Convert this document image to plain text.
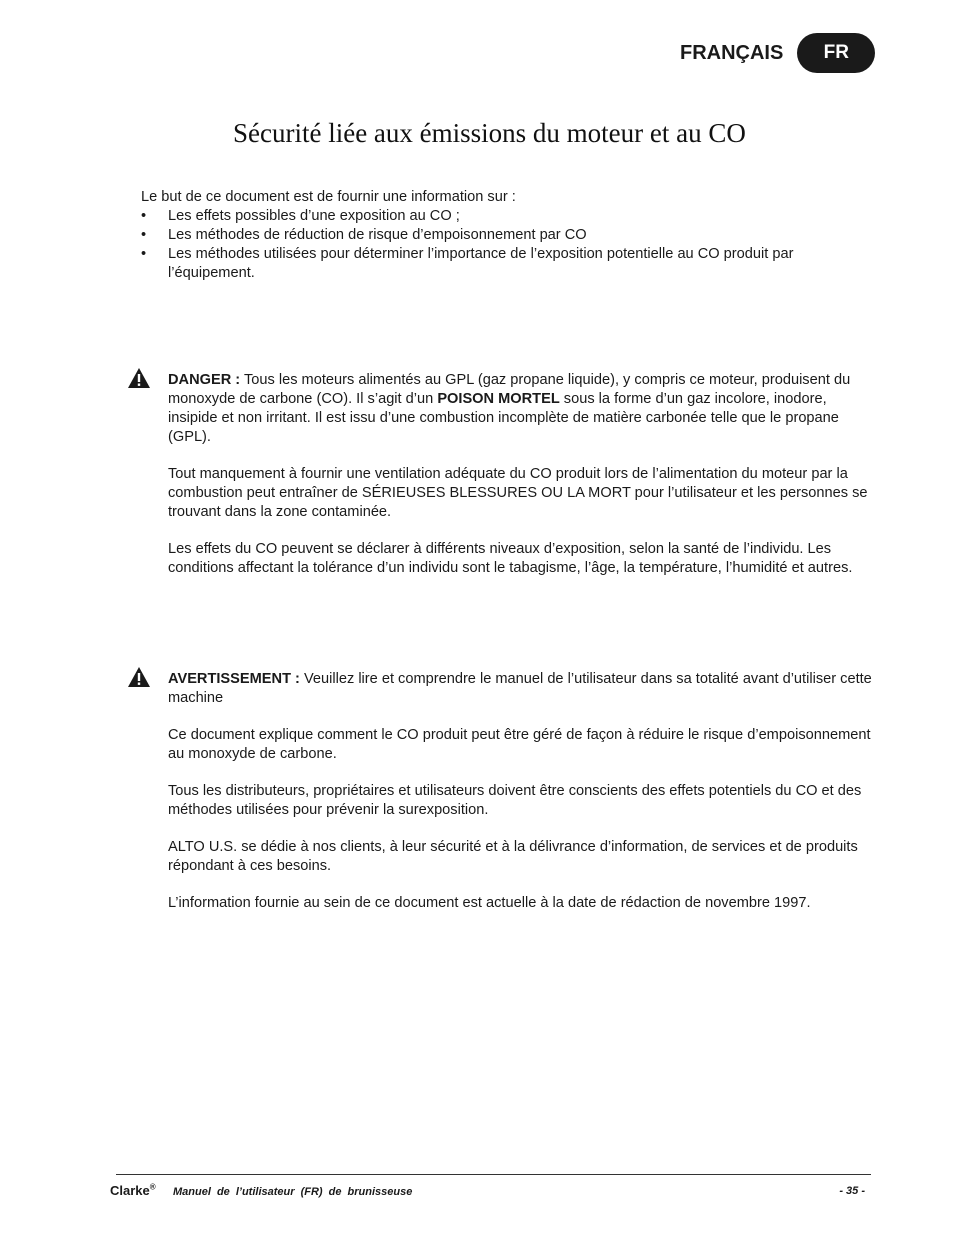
FRANÇAIS	FR
Sécurité liée aux émissions du moteur et au CO
Le but de ce document est de fournir une information sur :
• Les effets possibles d’une exposition au CO ;
• Les méthodes de réduction de risque d’empoisonnement par CO
• Les méthodes utilisées pour déterminer l’importance de l’exposition potentielle au CO produit par l’équipement.

DANGER : Tous les moteurs alimentés au GPL (gaz propane liquide), y compris ce moteur, produisent du monoxyde de carbone (CO). Il s’agit d’un POISON MORTEL sous la forme d’un gaz incolore, inodore, insipide et non irritant. Il est issu d’une combustion incomplète de matière carbonée telle que le propane (GPL).

Tout manquement à fournir une ventilation adéquate du CO produit lors de l’alimentation du moteur par la combustion peut entraîner de SÉRIEUSES BLESSURES OU LA MORT pour l’utilisateur et les personnes se trouvant dans la zone contaminée.

Les effets du CO peuvent se déclarer à différents niveaux d’exposition, selon la santé de l’individu. Les conditions affectant la tolérance d’un individu sont le tabagisme, l’âge, la température, l’humidité et autres.

AVERTISSEMENT : Veuillez lire et comprendre le manuel de l’utilisateur dans sa totalité avant d’utiliser cette machine

Ce document explique comment le CO produit peut être géré de façon à réduire le risque d’empoisonnement au monoxyde de carbone.

Tous les distributeurs, propriétaires et utilisateurs doivent être conscients des effets potentiels du CO et des méthodes utilisées pour prévenir la surexposition.

ALTO U.S. se dédie à nos clients, à leur sécurité et à la délivrance d’information, de services et de produits répondant à ces besoins.

L’information fournie au sein de ce document est actuelle à la date de rédaction de novembre 1997.

Clarke® Manuel de l’utilisateur (FR) de brunisseuse	- 35 -
